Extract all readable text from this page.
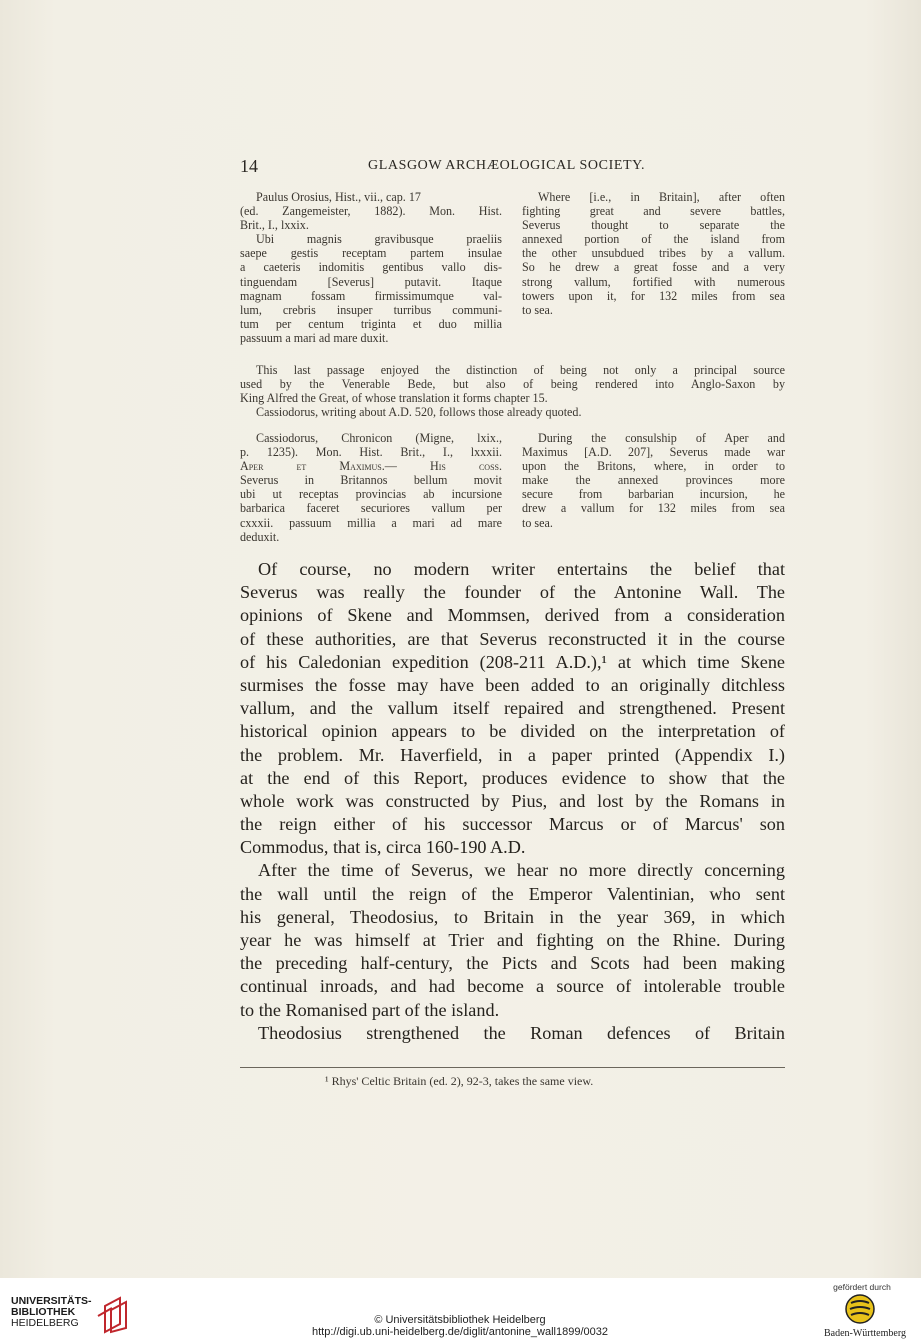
14	GLASGOW ARCHÆOLOGICAL SOCIETY.
Paulus Orosius, Hist., vii., cap. 17
(ed. Zangemeister, 1882). Mon. Hist.
Brit., I., lxxix.
Ubi magnis gravibusque praeliis
saepe gestis receptam partem insulae
a caeteris indomitis gentibus vallo dis-
tinguendam [Severus] putavit. Itaque
magnam fossam firmissimumque val-
lum, crebris insuper turribus communi-
tum per centum triginta et duo millia
passuum a mari ad mare duxit.
Where [i.e., in Britain], after often
fighting great and severe battles,
Severus thought to separate the
annexed portion of the island from
the other unsubdued tribes by a vallum.
So he drew a great fosse and a very
strong vallum, fortified with numerous
towers upon it, for 132 miles from sea
to sea.
This last passage enjoyed the distinction of being not only a principal source
used by the Venerable Bede, but also of being rendered into Anglo-Saxon by
King Alfred the Great, of whose translation it forms chapter 15.
Cassiodorus, writing about A.D. 520, follows those already quoted.
Cassiodorus, Chronicon (Migne, lxix.,
p. 1235). Mon. Hist. Brit., I., lxxxii.
Aper et Maximus.— His coss.
Severus in Britannos bellum movit
ubi ut receptas provincias ab incursione
barbarica faceret securiores vallum per
cxxxii. passuum millia a mari ad mare
deduxit.
During the consulship of Aper and
Maximus [A.D. 207], Severus made war
upon the Britons, where, in order to
make the annexed provinces more
secure from barbarian incursion, he
drew a vallum for 132 miles from sea
to sea.
Of course, no modern writer entertains the belief that
Severus was really the founder of the Antonine Wall. The
opinions of Skene and Mommsen, derived from a consideration
of these authorities, are that Severus reconstructed it in the course
of his Caledonian expedition (208-211 A.D.),¹ at which time Skene
surmises the fosse may have been added to an originally ditchless
vallum, and the vallum itself repaired and strengthened. Present
historical opinion appears to be divided on the interpretation of
the problem. Mr. Haverfield, in a paper printed (Appendix I.)
at the end of this Report, produces evidence to show that the
whole work was constructed by Pius, and lost by the Romans in
the reign either of his successor Marcus or of Marcus' son
Commodus, that is, circa 160-190 A.D.
After the time of Severus, we hear no more directly concerning
the wall until the reign of the Emperor Valentinian, who sent
his general, Theodosius, to Britain in the year 369, in which
year he was himself at Trier and fighting on the Rhine. During
the preceding half-century, the Picts and Scots had been making
continual inroads, and had become a source of intolerable trouble
to the Romanised part of the island.
Theodosius strengthened the Roman defences of Britain
¹ Rhys' Celtic Britain (ed. 2), 92-3, takes the same view.
UNIVERSITÄTS-
BIBLIOTHEK
HEIDELBERG	© Universitätsbibliothek Heidelberg
http://digi.ub.uni-heidelberg.de/diglit/antonine_wall1899/0032
gefördert durch
Baden-Württemberg
